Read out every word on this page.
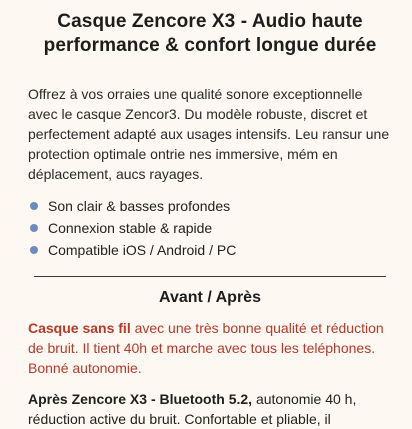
Casque Zencore X3 - Audio haute performance & confort longue durée

Offrez à vos orraies une qualité sonore exceptionnelle avec le casque Zencor3. Du modèle robuste, discret et perfectement adapté aux usages intensifs. Leu ransur une protection optimale ontrie nes immersive, mém en déplacement, aucs rayages.

Son clair & basses profondes
Connexion stable & rapide
Compatible iOS / Android / PC
Avant / Après

Casque sans fil avec une très bonne qualité et réduction de bruit. Il tient 40h et marche avec tous les teléphones. Bonné autonomie.

Après Zencore X3 - Bluetooth 5.2, autonomie 40 h, réduction active du bruit. Confortable et pliable, il
